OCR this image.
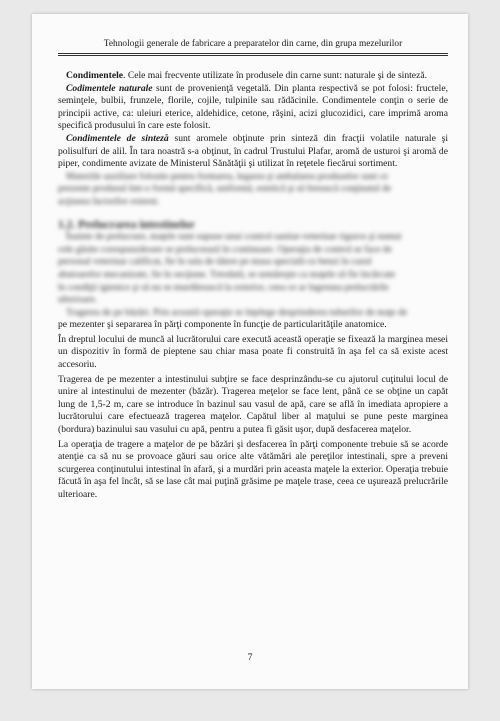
Tehnologii generale de fabricare a preparatelor din carne, din grupa mezelurilor

Condimentele. Cele mai frecvente utilizate în produsele din carne sunt: naturale şi de sinteză.

Codimentele naturale sunt de provenienţă vegetală. Din planta respectivă se pot folosi: fructele, seminţele, bulbii, frunzele, florile, cojile, tulpinile sau rădăcinile. Condimentele conţin o serie de principii active, ca: uleiuri eterice, aldehidice, cetone, răşini, acizi glucozidici, care imprimă aroma specifică produsului în care este folosit.

Condimentele de sinteză sunt aromele obţinute prin sinteză din fracţii volatile naturale şi polisulfuri de alil. În tara noastră s-a obţinut, în cadrul Trustului Plafar, aromă de usturoi şi aromă de piper, condimente avizate de Ministerul Sănătăţii şi utilizat în reţetele fiecărui sortiment.

Materiile auxiliare folosite pentru formarea, legarea şi ambalarea produselor sunt ce

prezente produsul într-o formă specifică, uniformă, estetică şi să ferească conţinutul de

acţiunea factorilor externi.

1.2. Prelucrarea intestinelor

Înainte de prelucrare, maţele sunt supuse unui control sanitar-veterinar riguros şi numai

cele găsite corespunzătoare se prelucrează în continuare. Operaţia de control se face de

personal veterinar calificat, fie în sala de tăiere pe masa specială cu benzi în cazul

abatoarelor mecanizate, fie în secţiune. Totodată, se urmăreşte ca maţele să fie încărcate

în condiţii igienice şi să nu se murdărească la exterior, ceea ce ar îngreuna prelucrările

ulterioare.

Tragerea de pe băzări. Prin această operaţie se înţelege desprinderea tuburilor de maţe de

pe mezenter şi separarea în părţi componente în funcţie de particularităţile anatomice.

În dreptul locului de muncă al lucrătorului care execută această operaţie se fixează la marginea mesei un dispozitiv în formă de pieptene sau chiar masa poate fi construită în aşa fel ca să existe acest accesoriu.

Tragerea de pe mezenter a intestinului subţire se face desprinzându-se cu ajutorul cuţitului locul de unire al intestinului de mezenter (băzăr). Tragerea meţelor se face lent, până ce se obţine un capăt lung de 1,5-2 m, care se introduce în bazinul sau vasul de apă, care se află în imediata apropiere a lucrătorului care efectuează tragerea maţelor. Capătul liber al maţului se pune peste marginea (bordura) bazinului sau vasului cu apă, pentru a putea fi găsit uşor, după desfacerea maţelor.

La operaţia de tragere a maţelor de pe băzări şi desfacerea în părţi componente trebuie să se acorde atenţie ca să nu se provoace găuri sau orice alte vătămări ale pereţilor intestinali, spre a preveni scurgerea conţinutului intestinal în afară, şi a murdări prin aceasta maţele la exterior. Operaţia trebuie făcută în aşa fel încât, să se lase cât mai puţină grăsime pe maţele trase, ceea ce uşurează prelucrările ulterioare.

7
